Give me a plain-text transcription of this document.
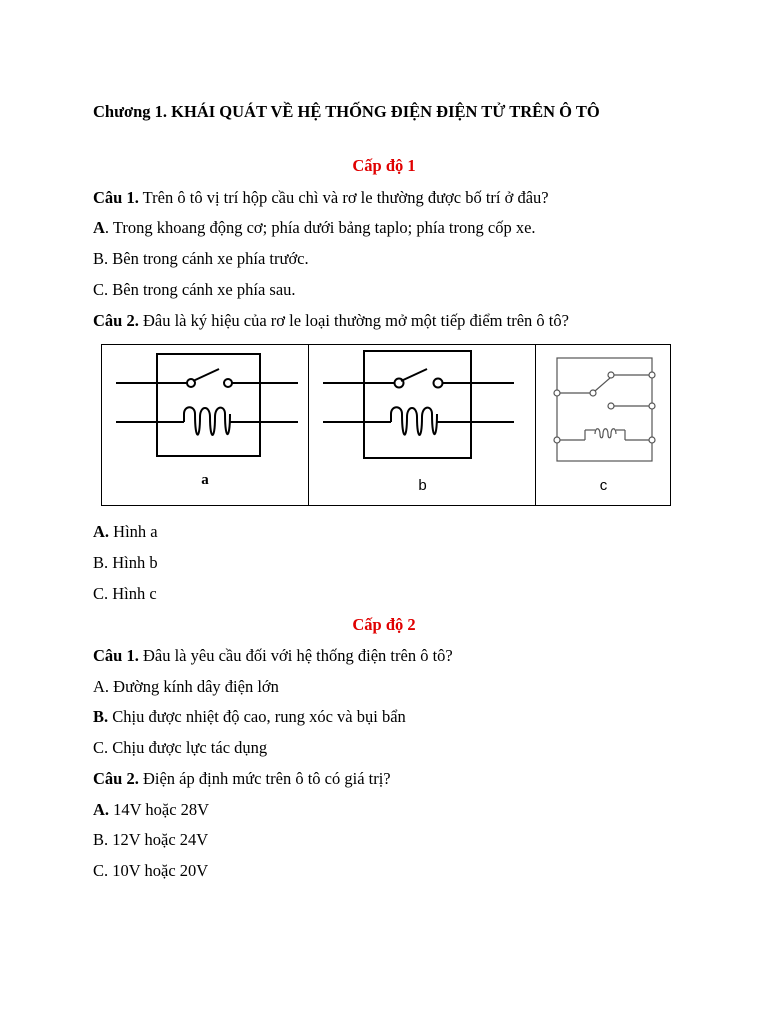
Chương 1. KHÁI QUÁT VỀ HỆ THỐNG ĐIỆN ĐIỆN TỬ TRÊN Ô TÔ
Cấp độ 1
Câu 1. Trên ô tô vị trí hộp cầu chì và rơ le thường được bố trí ở đâu?
A. Trong khoang động cơ; phía dưới bảng taplo; phía trong cốp xe.
B. Bên trong cánh xe phía trước.
C. Bên trong cánh xe phía sau.
Câu 2. Đâu là ký hiệu của rơ le loại thường mở một tiếp điểm trên ô tô?
a	b	c
A. Hình a
B. Hình b
C. Hình c
Cấp độ 2
Câu 1. Đâu là yêu cầu đối với hệ thống điện trên ô tô?
A. Đường kính dây điện lớn
B. Chịu được nhiệt độ cao, rung xóc và bụi bẩn
C. Chịu được lực tác dụng
Câu 2. Điện áp định mức trên ô tô có giá trị?
A. 14V hoặc 28V
B. 12V hoặc 24V
C. 10V hoặc 20V
